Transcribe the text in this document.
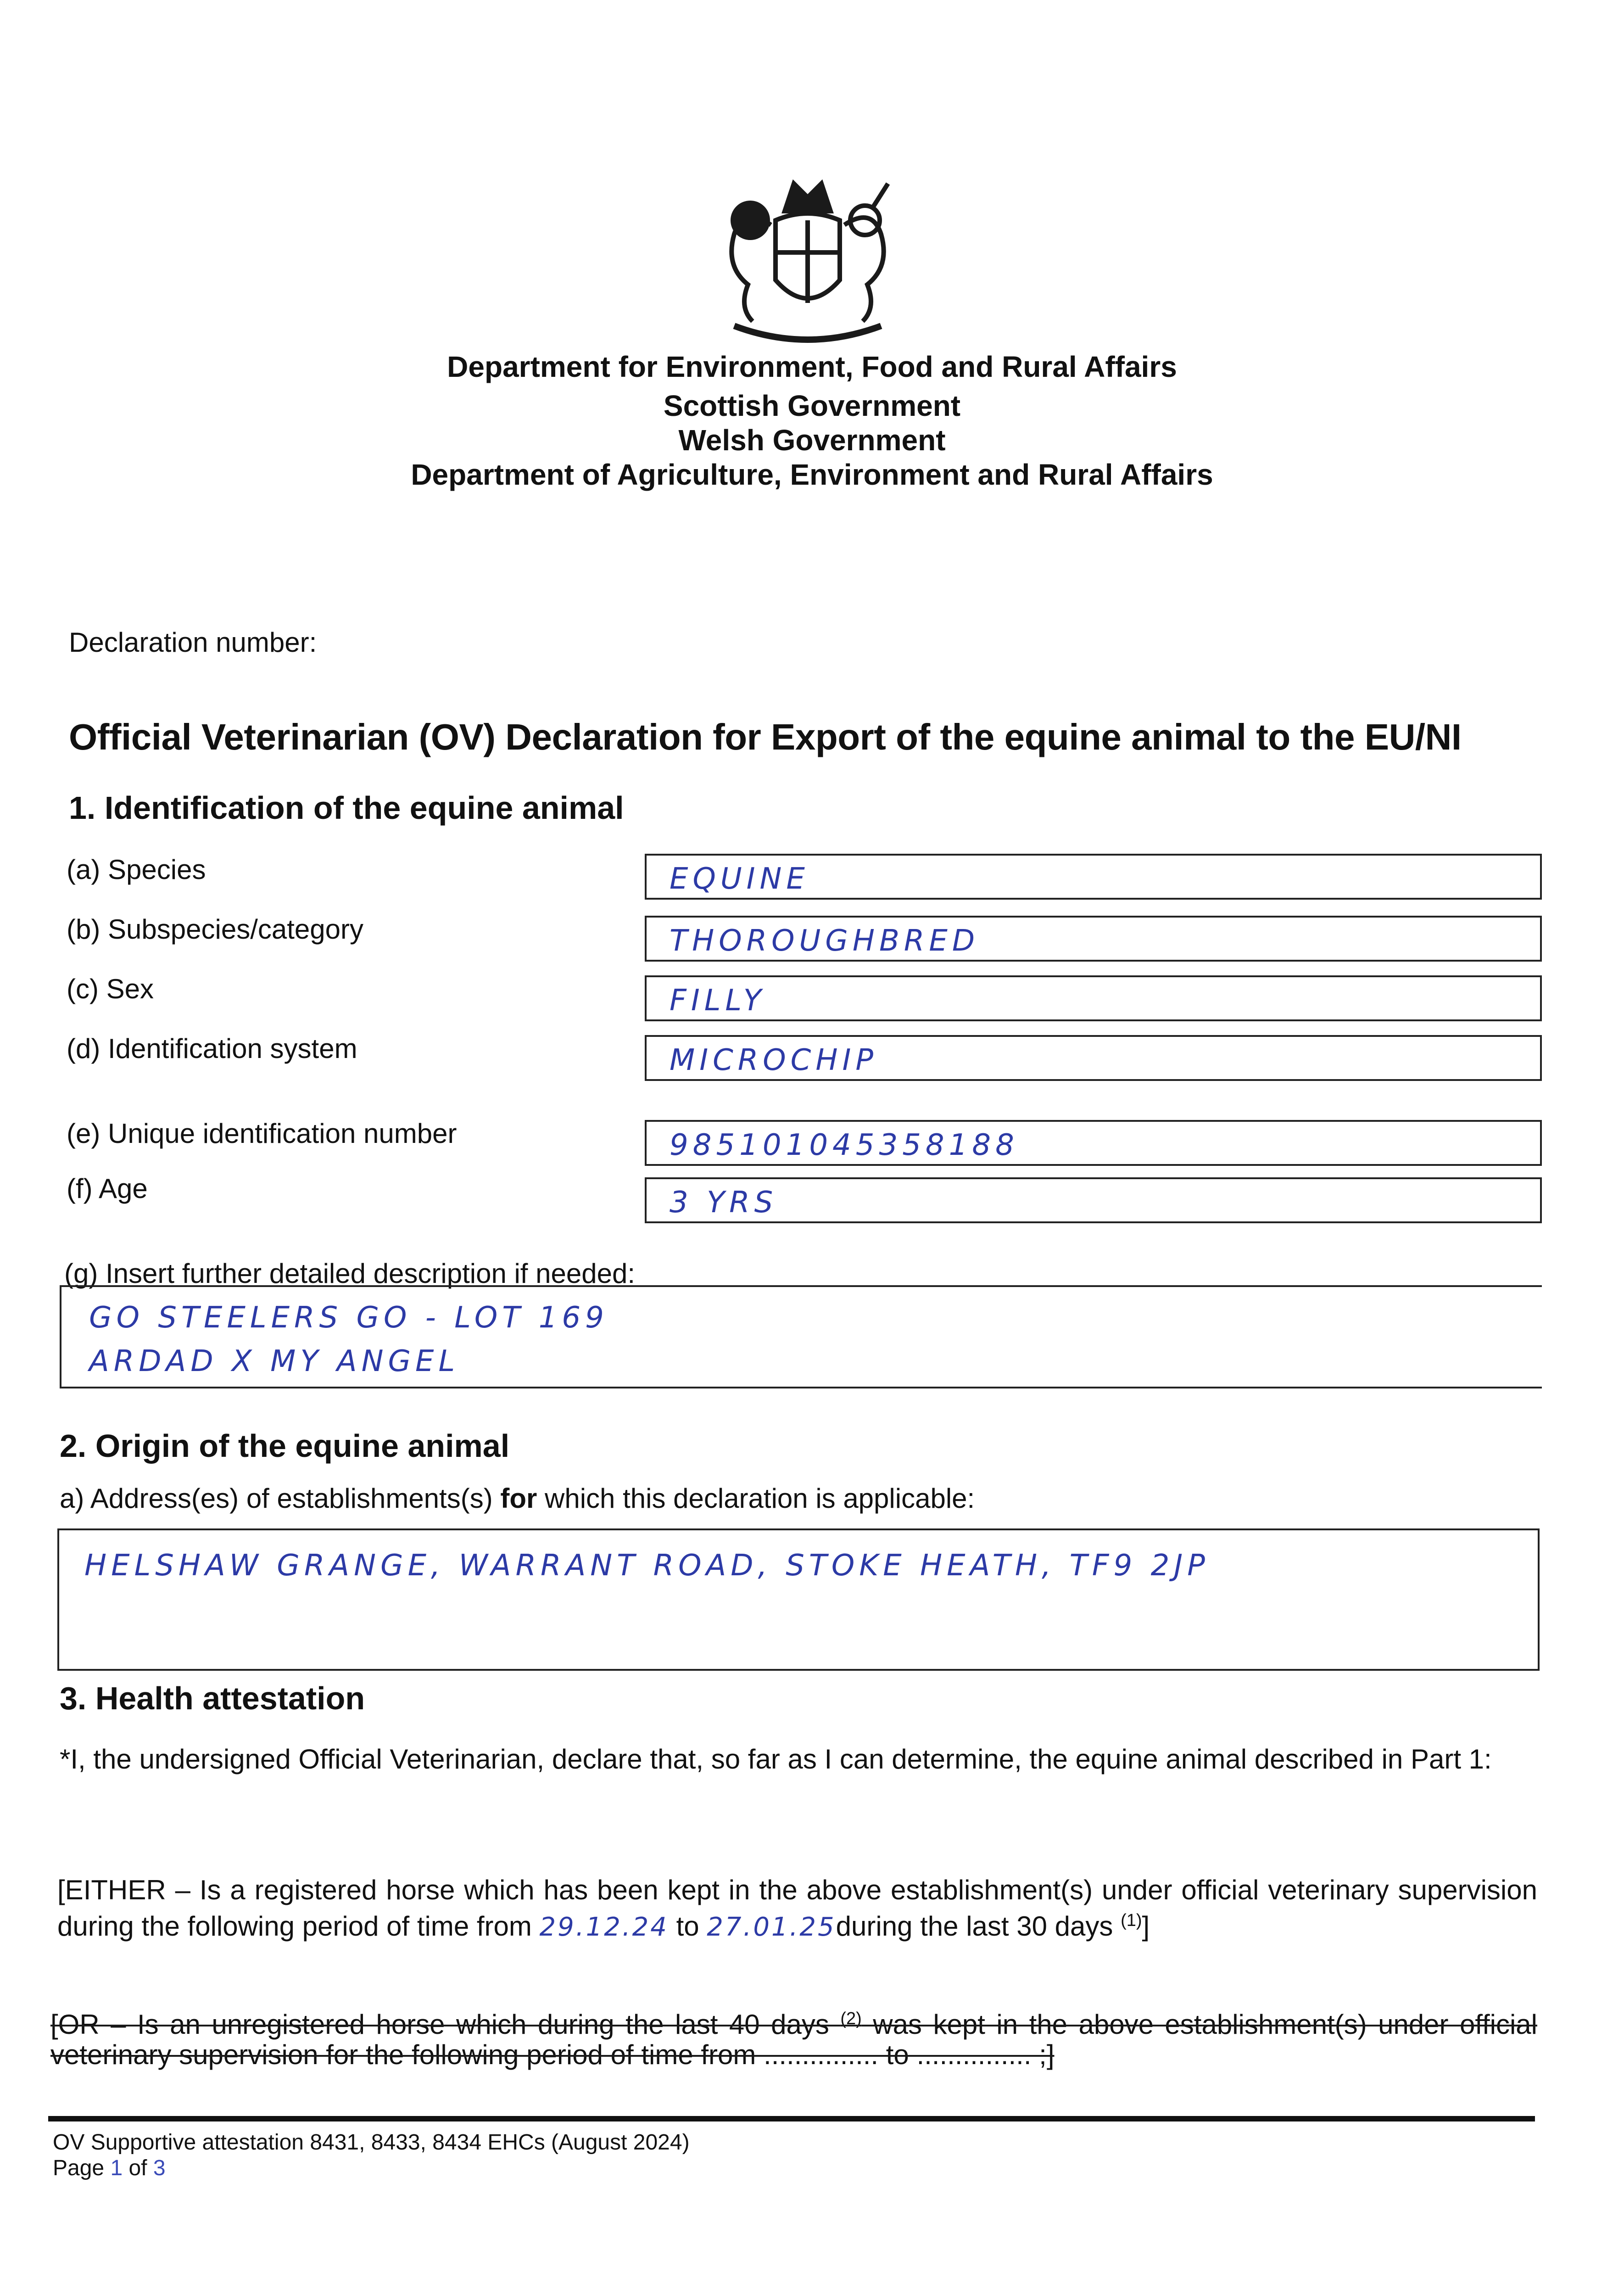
Department for Environment, Food and Rural Affairs
Scottish Government
Welsh Government
Department of Agriculture, Environment and Rural Affairs
Declaration number:
Official Veterinarian (OV) Declaration for Export of the equine animal to the EU/NI
1. Identification of the equine animal
(a) Species	EQUINE
(b) Subspecies/category	THOROUGHBRED
(c) Sex	FILLY
(d) Identification system	MICROCHIP
(e) Unique identification number	985101045358188
(f) Age	3 YRS
(g) Insert further detailed description if needed:
GO STEELERS GO - LOT 169
ARDAD X MY ANGEL
2. Origin of the equine animal
a) Address(es) of establishments(s) for which this declaration is applicable:
HELSHAW GRANGE, WARRANT ROAD, STOKE HEATH, TF9 2JP
3. Health attestation
*I, the undersigned Official Veterinarian, declare that, so far as I can determine, the equine animal described in Part 1:
[EITHER – Is a registered horse which has been kept in the above establishment(s) under official veterinary supervision during the following period of time from 29.12.24 to 27.01.25during the last 30 days $^{(1)}$]
[OR – Is an unregistered horse which during the last 40 days $^{(2)}$ was kept in the above establishment(s) under official veterinary supervision for the following period of time from ............... to ............... ;]
OV Supportive attestation 8431, 8433, 8434 EHCs (August 2024)
Page 1 of 3
